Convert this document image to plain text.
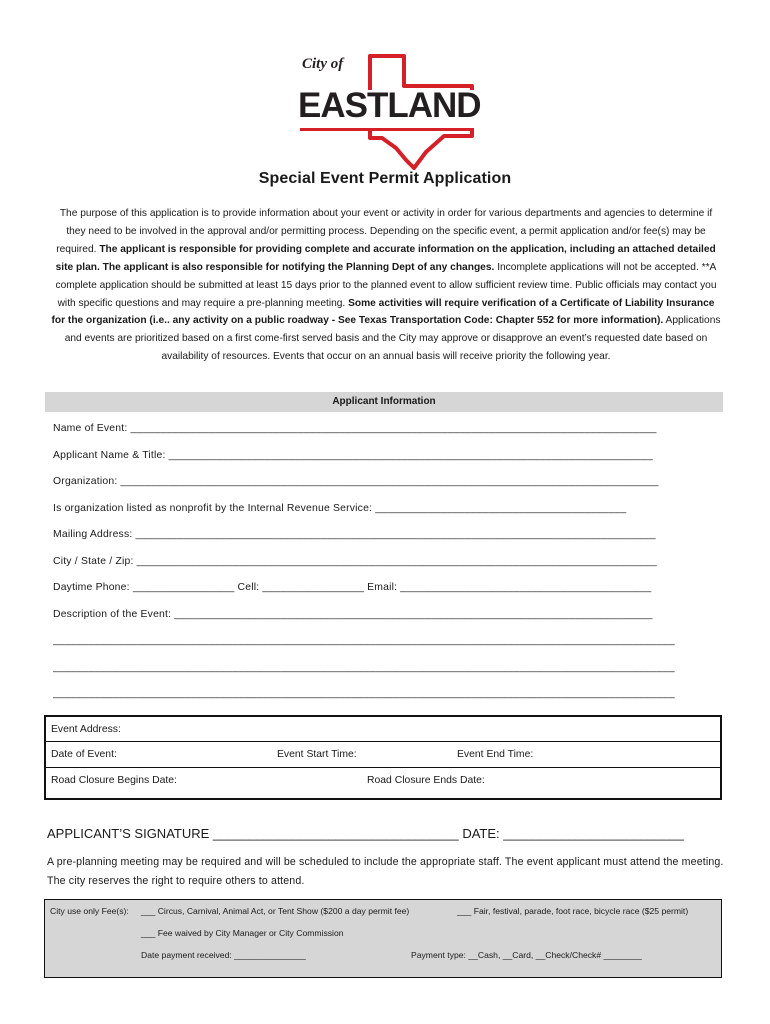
City of
EASTLAND
Special Event Permit Application
The purpose of this application is to provide information about your event or activity in order for various departments and agencies to determine if they need to be involved in the approval and/or permitting process. Depending on the specific event, a permit application and/or fee(s) may be required. The applicant is responsible for providing complete and accurate information on the application, including an attached detailed site plan. The applicant is also responsible for notifying the Planning Dept of any changes. Incomplete applications will not be accepted. **A complete application should be submitted at least 15 days prior to the planned event to allow sufficient review time. Public officials may contact you with specific questions and may require a pre-planning meeting. Some activities will require verification of a Certificate of Liability Insurance for the organization (i.e.. any activity on a public roadway - See Texas Transportation Code: Chapter 552 for more information). Applications and events are prioritized based on a first come-first served basis and the City may approve or disapprove an event’s requested date based on availability of resources. Events that occur on an annual basis will receive priority the following year.
Applicant Information
Name of Event: ________________________________________________________________________________________
Applicant Name & Title: _________________________________________________________________________________
Organization: __________________________________________________________________________________________
Is organization listed as nonprofit by the Internal Revenue Service: __________________________________________
Mailing Address: _______________________________________________________________________________________
City / State / Zip: _______________________________________________________________________________________
Daytime Phone: _________________ Cell: _________________ Email: __________________________________________
Description of the Event: ________________________________________________________________________________
________________________________________________________________________________________________________
________________________________________________________________________________________________________
________________________________________________________________________________________________________
Event Address:
Date of Event:	Event Start Time:	Event End Time:
Road Closure Begins Date:	Road Closure Ends Date:
APPLICANT’S SIGNATURE __________________________________ DATE: _________________________
A pre-planning meeting may be required and will be scheduled to include the appropriate staff. The event applicant must attend the meeting. The city reserves the right to require others to attend.
City use only Fee(s): ___ Circus, Carnival, Animal Act, or Tent Show ($200 a day permit fee)	___ Fair, festival, parade, foot race, bicycle race ($25 permit)
___ Fee waived by City Manager or City Commission
Date payment received: _______________	Payment type: __Cash, __Card, __Check/Check# ________
